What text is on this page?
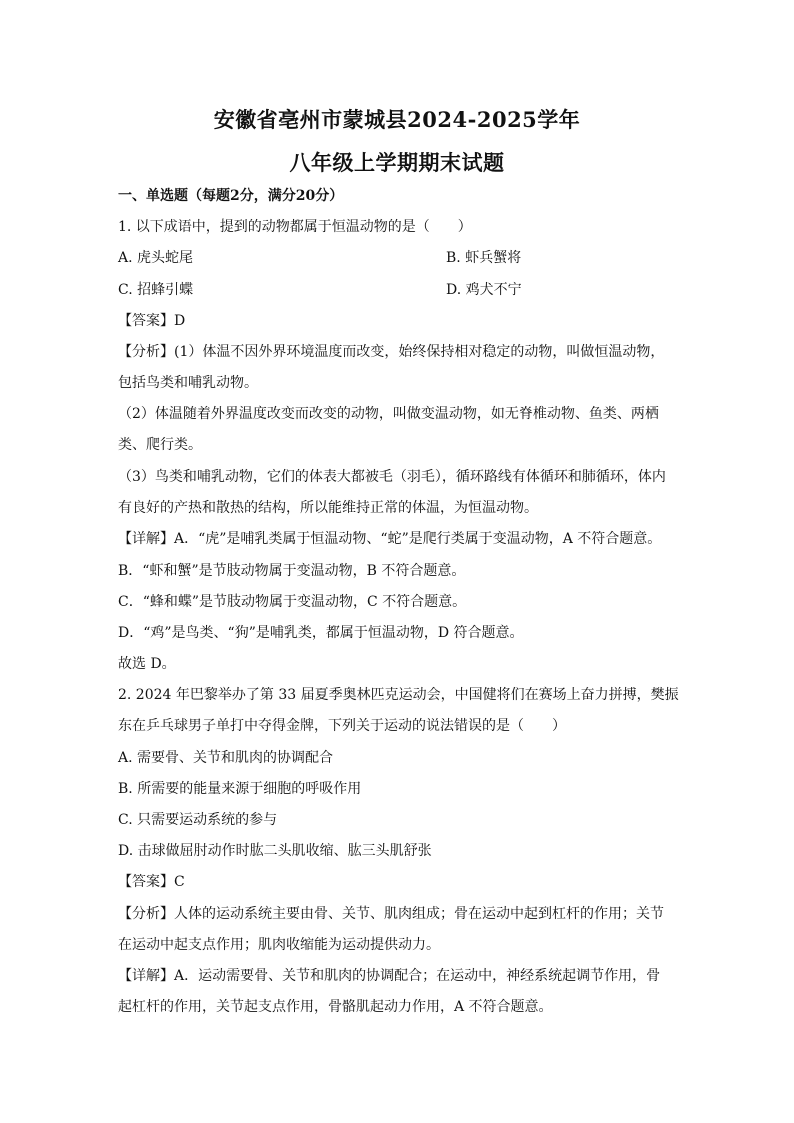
安徽省亳州市蒙城县2024-2025学年
八年级上学期期末试题
一、单选题（每题2分，满分20分）
1. 以下成语中，提到的动物都属于恒温动物的是（　　）
A. 虎头蛇尾	B. 虾兵蟹将
C. 招蜂引蝶	D. 鸡犬不宁
【答案】D
【分析】(1）体温不因外界环境温度而改变，始终保持相对稳定的动物，叫做恒温动物，
包括鸟类和哺乳动物。
（2）体温随着外界温度改变而改变的动物，叫做变温动物，如无脊椎动物、鱼类、两栖
类、爬行类。
（3）鸟类和哺乳动物，它们的体表大都被毛（羽毛），循环路线有体循环和肺循环，体内
有良好的产热和散热的结构，所以能维持正常的体温，为恒温动物。
【详解】A．“虎”是哺乳类属于恒温动物、“蛇”是爬行类属于变温动物，A 不符合题意。
B．“虾和蟹”是节肢动物属于变温动物，B 不符合题意。
C．“蜂和蝶”是节肢动物属于变温动物，C 不符合题意。
D．“鸡”是鸟类、“狗”是哺乳类，都属于恒温动物，D 符合题意。
故选 D。
2. 2024 年巴黎举办了第 33 届夏季奥林匹克运动会，中国健将们在赛场上奋力拼搏，樊振
东在乒乓球男子单打中夺得金牌，下列关于运动的说法错误的是（　　）
A. 需要骨、关节和肌肉的协调配合
B. 所需要的能量来源于细胞的呼吸作用
C. 只需要运动系统的参与
D. 击球做屈肘动作时肱二头肌收缩、肱三头肌舒张
【答案】C
【分析】人体的运动系统主要由骨、关节、肌肉组成；骨在运动中起到杠杆的作用；关节
在运动中起支点作用；肌肉收缩能为运动提供动力。
【详解】A．运动需要骨、关节和肌肉的协调配合；在运动中，神经系统起调节作用，骨
起杠杆的作用，关节起支点作用，骨骼肌起动力作用，A 不符合题意。
